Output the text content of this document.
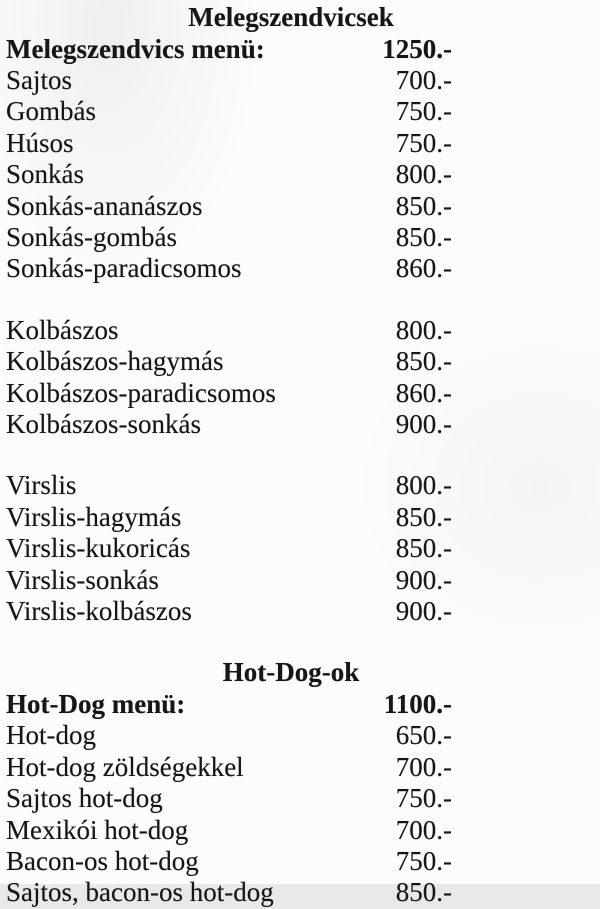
Melegszendvicsek
Melegszendvics menü:	1250.-
Sajtos	700.-
Gombás	750.-
Húsos	750.-
Sonkás	800.-
Sonkás-ananászos	850.-
Sonkás-gombás	850.-
Sonkás-paradicsomos	860.-
Kolbászos	800.-
Kolbászos-hagymás	850.-
Kolbászos-paradicsomos	860.-
Kolbászos-sonkás	900.-
Virslis	800.-
Virslis-hagymás	850.-
Virslis-kukoricás	850.-
Virslis-sonkás	900.-
Virslis-kolbászos	900.-
Hot-Dog-ok
Hot-Dog menü:	1100.-
Hot-dog	650.-
Hot-dog zöldségekkel	700.-
Sajtos hot-dog	750.-
Mexikói hot-dog	700.-
Bacon-os hot-dog	750.-
Sajtos, bacon-os hot-dog	850.-
